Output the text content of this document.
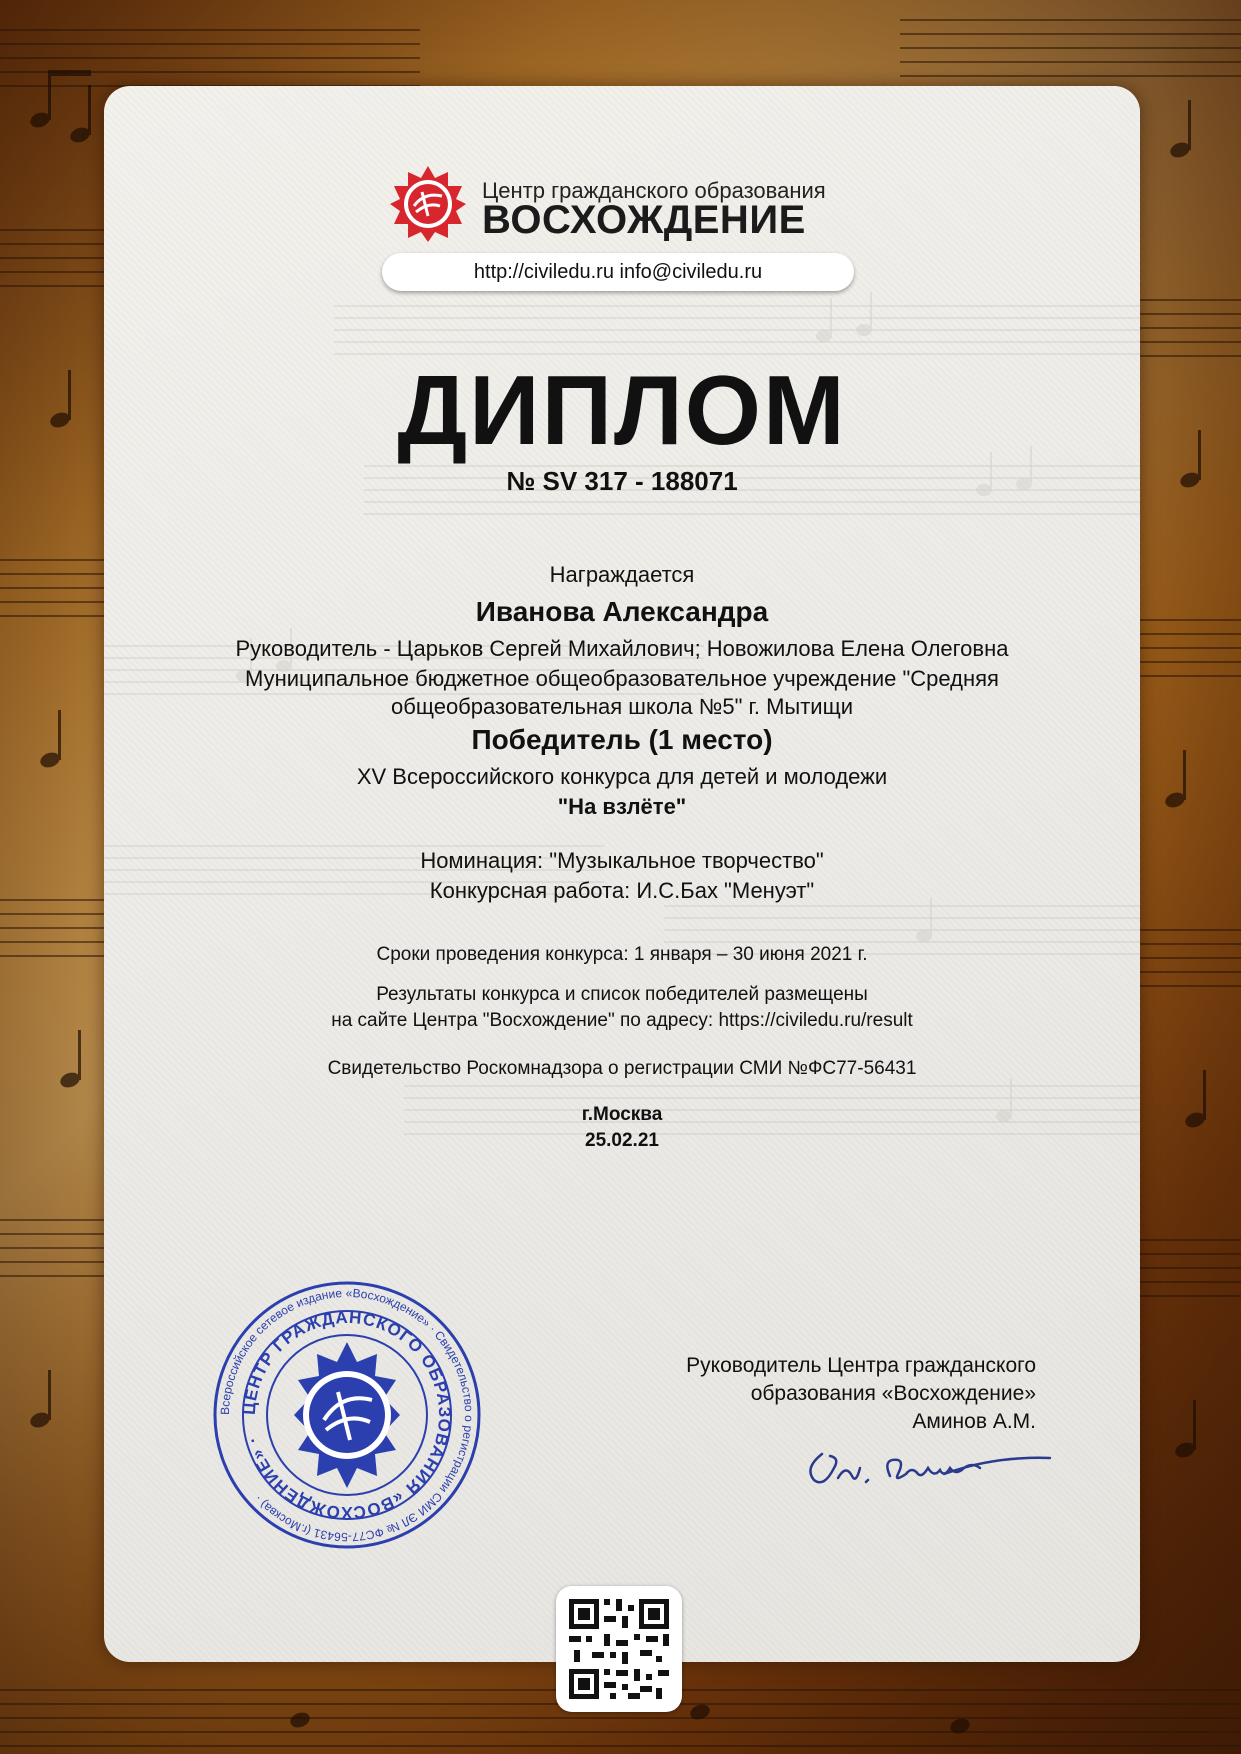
Центр гражданского образования
ВОСХОЖДЕНИЕ
http://civiledu.ru info@civiledu.ru
ДИПЛОМ
№ SV 317 - 188071
Награждается
Иванова Александра
Руководитель - Царьков Сергей Михайлович; Новожилова Елена Олеговна
Муниципальное бюджетное общеобразовательное учреждение "Средняя
общеобразовательная школа №5" г. Мытищи
Победитель (1 место)
XV Всероссийского конкурса для детей и молодежи
"На взлёте"
Номинация: "Музыкальное творчество"
Конкурсная работа: И.С.Бах "Менуэт"
Сроки проведения конкурса: 1 января – 30 июня 2021 г.
Результаты конкурса и список победителей размещены
на сайте Центра "Восхождение" по адресу: https://civiledu.ru/result
Свидетельство Роскомнадзора о регистрации СМИ №ФС77-56431
г.Москва
25.02.21
Всероссийское сетевое издание «Восхождение» · Свидетельство о регистрации СМИ ЭЛ № ФС77-56431 (г.Москва) ·
ЦЕНТР ГРАЖДАНСКОГО ОБРАЗОВАНИЯ «ВОСХОЖДЕНИЕ» ·
Руководитель Центра гражданского
образования «Восхождение»
Аминов А.М.
